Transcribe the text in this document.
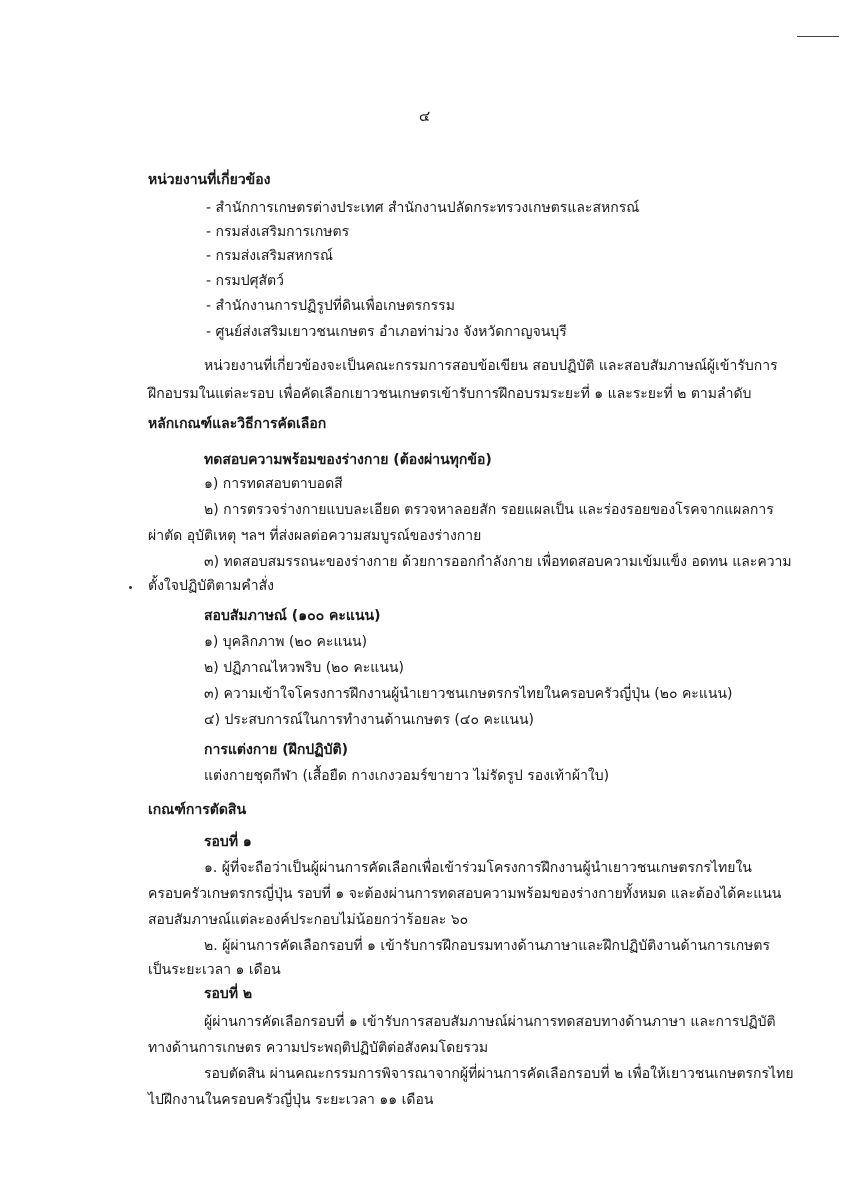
๔
หน่วยงานที่เกี่ยวข้อง
- สำนักการเกษตรต่างประเทศ สำนักงานปลัดกระทรวงเกษตรและสหกรณ์
- กรมส่งเสริมการเกษตร
- กรมส่งเสริมสหกรณ์
- กรมปศุสัตว์
- สำนักงานการปฏิรูปที่ดินเพื่อเกษตรกรรม
- ศูนย์ส่งเสริมเยาวชนเกษตร อำเภอท่าม่วง จังหวัดกาญจนบุรี
หน่วยงานที่เกี่ยวข้องจะเป็นคณะกรรมการสอบข้อเขียน สอบปฏิบัติ และสอบสัมภาษณ์ผู้เข้ารับการ
ฝึกอบรมในแต่ละรอบ เพื่อคัดเลือกเยาวชนเกษตรเข้ารับการฝึกอบรมระยะที่ ๑ และระยะที่ ๒ ตามลำดับ
หลักเกณฑ์และวิธีการคัดเลือก
ทดสอบความพร้อมของร่างกาย (ต้องผ่านทุกข้อ)
๑) การทดสอบตาบอดสี
๒) การตรวจร่างกายแบบละเอียด ตรวจหาลอยสัก รอยแผลเป็น และร่องรอยของโรคจากแผลการ
ผ่าตัด อุบัติเหตุ ฯลฯ ที่ส่งผลต่อความสมบูรณ์ของร่างกาย
๓) ทดสอบสมรรถนะของร่างกาย ด้วยการออกกำลังกาย เพื่อทดสอบความเข้มแข็ง อดทน และความ
ตั้งใจปฏิบัติตามคำสั่ง
สอบสัมภาษณ์ (๑๐๐ คะแนน)
๑) บุคลิกภาพ (๒๐ คะแนน)
๒) ปฏิภาณไหวพริบ (๒๐ คะแนน)
๓) ความเข้าใจโครงการฝึกงานผู้นำเยาวชนเกษตรกรไทยในครอบครัวญี่ปุ่น (๒๐ คะแนน)
๔) ประสบการณ์ในการทำงานด้านเกษตร (๔๐ คะแนน)
การแต่งกาย (ฝึกปฏิบัติ)
แต่งกายชุดกีฬา (เสื้อยืด กางเกงวอมร์ขายาว ไม่รัดรูป รองเท้าผ้าใบ)
เกณฑ์การตัดสิน
รอบที่ ๑
๑. ผู้ที่จะถือว่าเป็นผู้ผ่านการคัดเลือกเพื่อเข้าร่วมโครงการฝึกงานผู้นำเยาวชนเกษตรกรไทยใน
ครอบครัวเกษตรกรญี่ปุ่น รอบที่ ๑ จะต้องผ่านการทดสอบความพร้อมของร่างกายทั้งหมด และต้องได้คะแนน
สอบสัมภาษณ์แต่ละองค์ประกอบไม่น้อยกว่าร้อยละ ๖๐
๒. ผู้ผ่านการคัดเลือกรอบที่ ๑ เข้ารับการฝึกอบรมทางด้านภาษาและฝึกปฏิบัติงานด้านการเกษตร
เป็นระยะเวลา ๑ เดือน
รอบที่ ๒
ผู้ผ่านการคัดเลือกรอบที่ ๑ เข้ารับการสอบสัมภาษณ์ผ่านการทดสอบทางด้านภาษา และการปฏิบัติ
ทางด้านการเกษตร ความประพฤติปฏิบัติต่อสังคมโดยรวม
รอบตัดสิน ผ่านคณะกรรมการพิจารณาจากผู้ที่ผ่านการคัดเลือกรอบที่ ๒ เพื่อให้เยาวชนเกษตรกรไทย
ไปฝึกงานในครอบครัวญี่ปุ่น ระยะเวลา ๑๑ เดือน
